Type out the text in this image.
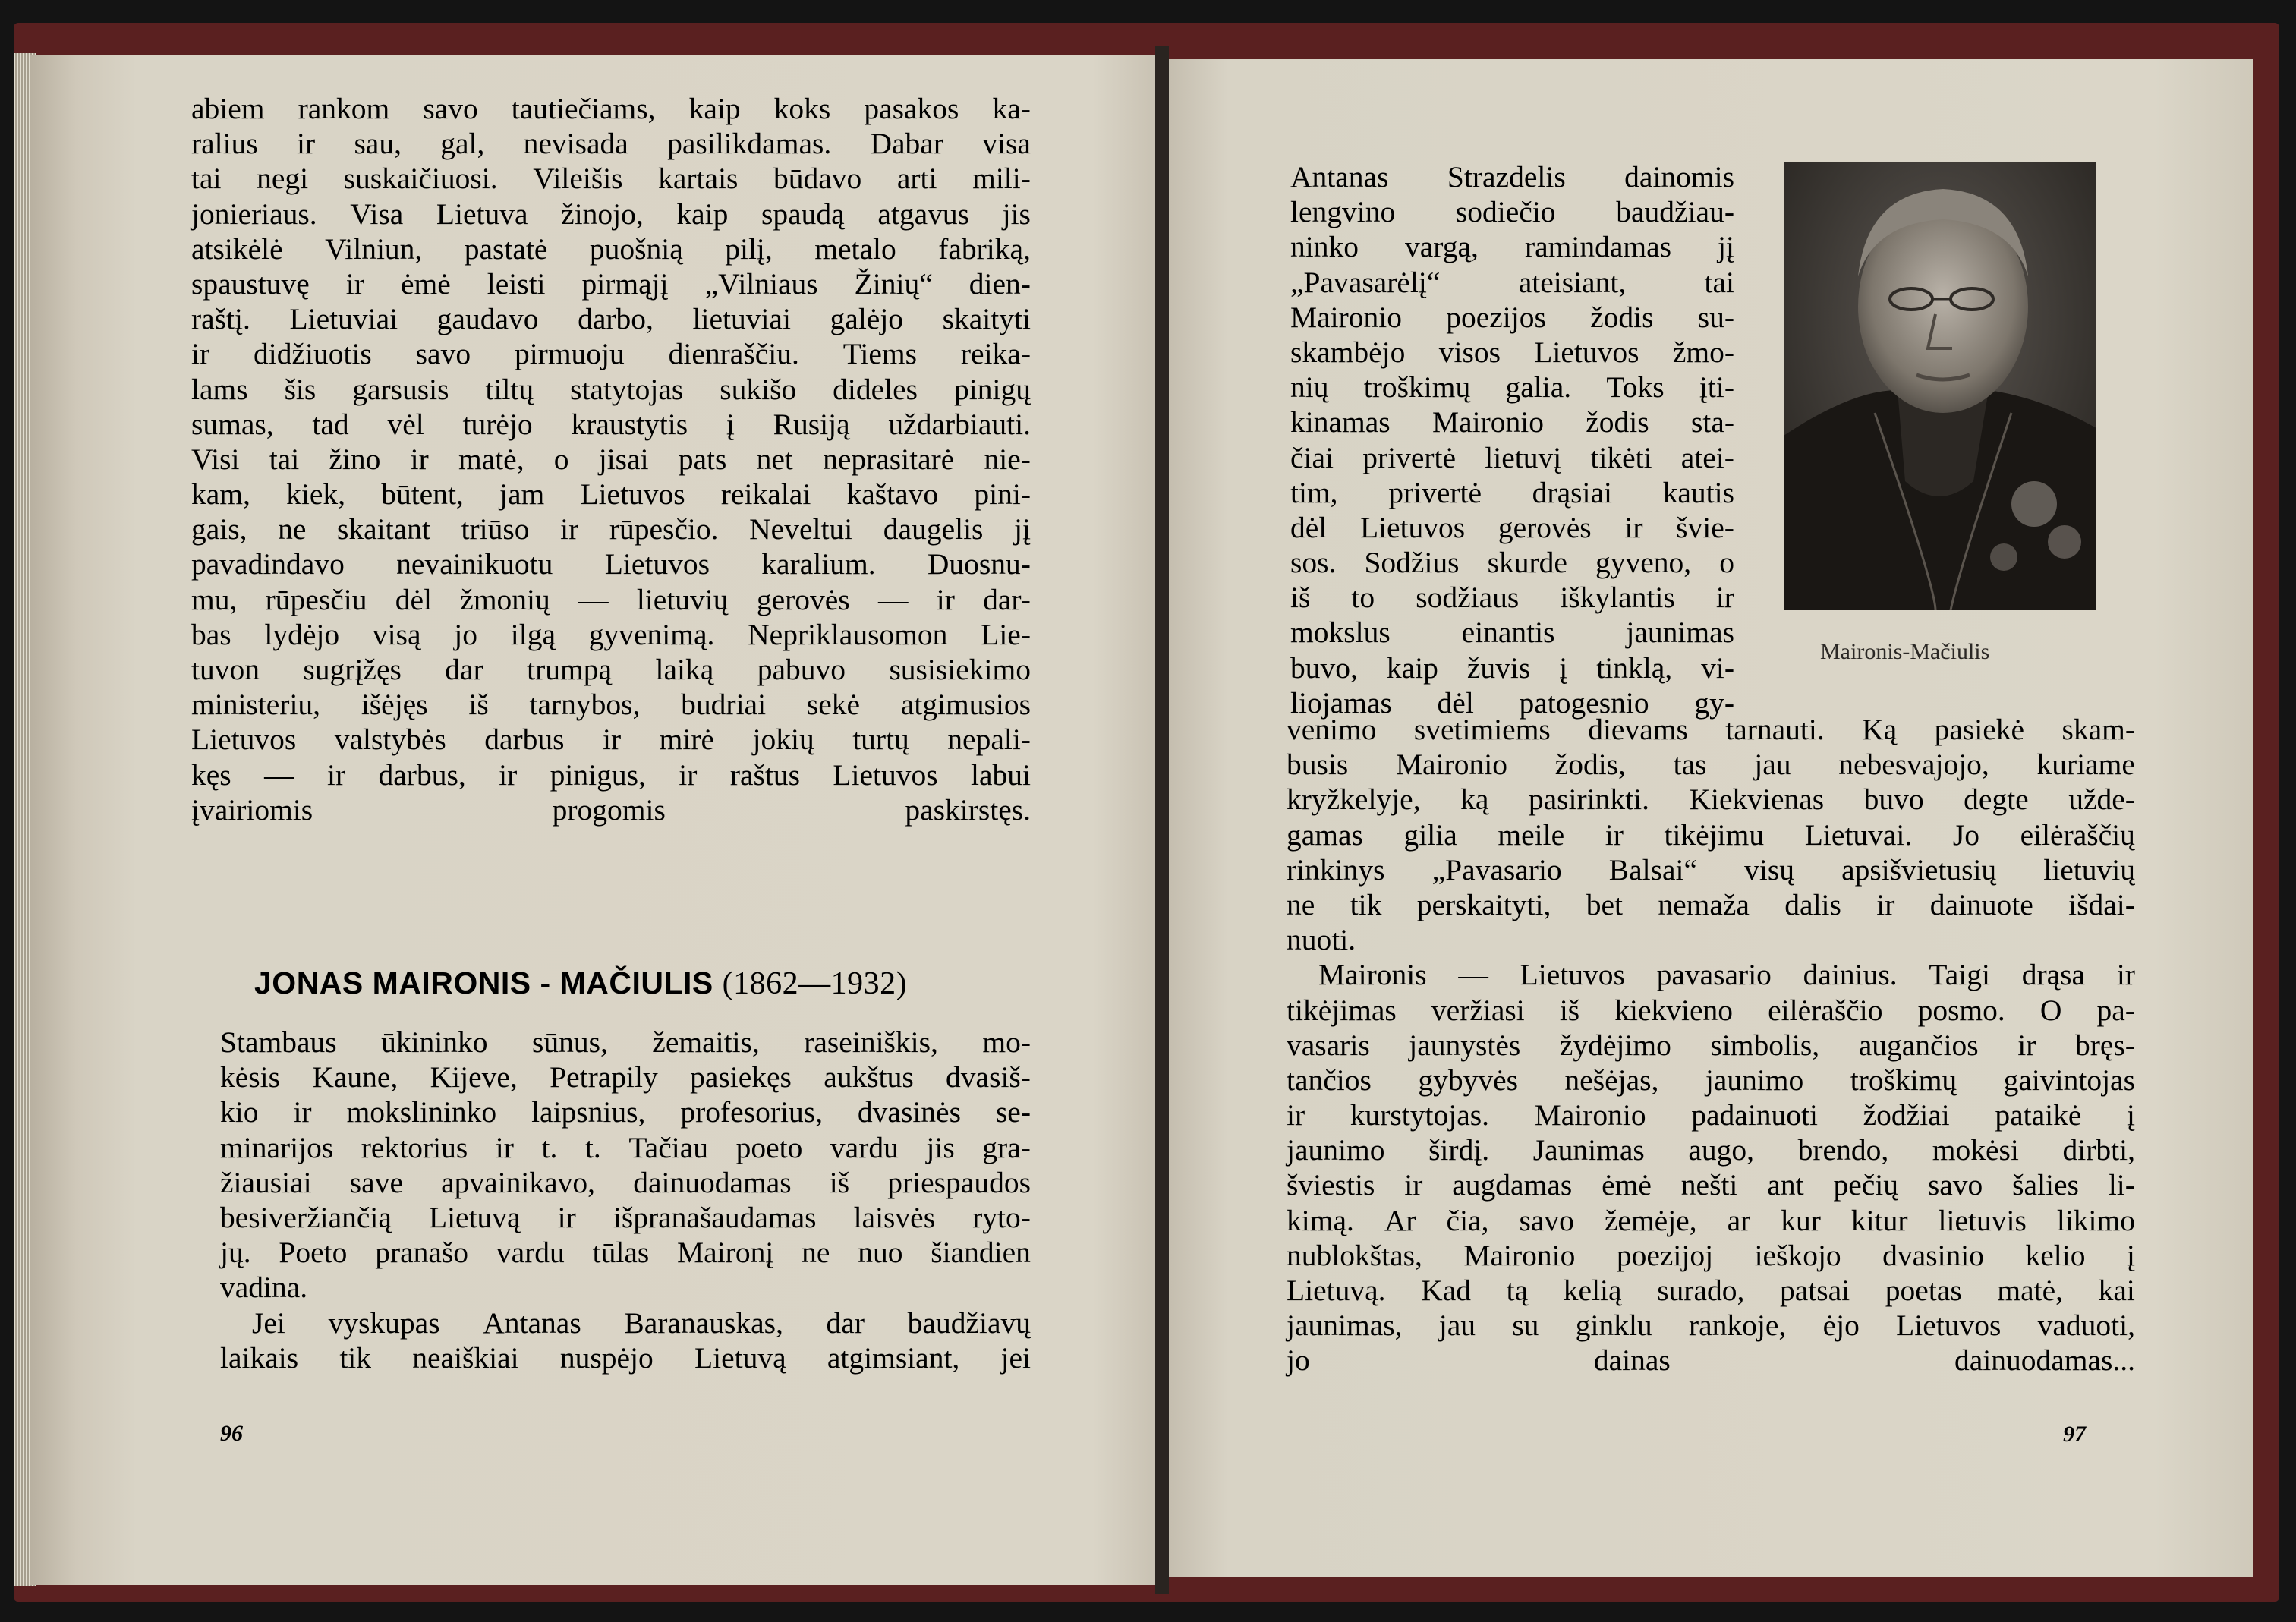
abiem rankom savo tautiečiams, kaip koks pasakos ka-
ralius ir sau, gal, nevisada pasilikdamas. Dabar visa
tai negi suskaičiuosi. Vileišis kartais būdavo arti mili-
jonieriaus. Visa Lietuva žinojo, kaip spaudą atgavus jis
atsikėlė Vilniun, pastatė puošnią pilį, metalo fabriką,
spaustuvę ir ėmė leisti pirmąjį „Vilniaus Žinių“ dien-
raštį. Lietuviai gaudavo darbo, lietuviai galėjo skaityti
ir didžiuotis savo pirmuoju dienraščiu. Tiems reika-
lams šis garsusis tiltų statytojas sukišo dideles pinigų
sumas, tad vėl turėjo kraustytis į Rusiją uždarbiauti.
Visi tai žino ir matė, o jisai pats net neprasitarė nie-
kam, kiek, būtent, jam Lietuvos reikalai kaštavo pini-
gais, ne skaitant triūso ir rūpesčio. Neveltui daugelis jį
pavadindavo nevainikuotu Lietuvos karalium. Duosnu-
mu, rūpesčiu dėl žmonių — lietuvių gerovės — ir dar-
bas lydėjo visą jo ilgą gyvenimą. Nepriklausomon Lie-
tuvon sugrįžęs dar trumpą laiką pabuvo susisiekimo
ministeriu, išėjęs iš tarnybos, budriai sekė atgimusios
Lietuvos valstybės darbus ir mirė jokių turtų nepali-
kęs — ir darbus, ir pinigus, ir raštus Lietuvos labui
įvairiomis progomis paskirstęs.
JONAS MAIRONIS - MAČIULIS (1862—1932)
Stambaus ūkininko sūnus, žemaitis, raseiniškis, mo-
kėsis Kaune, Kijeve, Petrapily pasiekęs aukštus dvasiš-
kio ir mokslininko laipsnius, profesorius, dvasinės se-
minarijos rektorius ir t. t. Tačiau poeto vardu jis gra-
žiausiai save apvainikavo, dainuodamas iš priespaudos
besiveržiančią Lietuvą ir išpranašaudamas laisvės ryto-
jų. Poeto pranašo vardu tūlas Maironį ne nuo šiandien
vadina.
Jei vyskupas Antanas Baranauskas, dar baudžiavų
laikais tik neaiškiai nuspėjo Lietuvą atgimsiant, jei
96
Antanas Strazdelis dainomis
lengvino sodiečio baudžiau-
ninko vargą, ramindamas jį
„Pavasarėlį“	ateisiant,	tai
Maironio poezijos žodis su-
skambėjo visos Lietuvos žmo-
nių troškimų galia. Toks įti-
kinamas Maironio žodis sta-
čiai privertė lietuvį tikėti atei-
tim, privertė drąsiai kautis
dėl Lietuvos gerovės ir švie-
sos. Sodžius skurde gyveno, o
iš to sodžiaus iškylantis ir
mokslus einantis jaunimas
buvo, kaip žuvis į tinklą, vi-
liojamas dėl patogesnio gy-
Maironis-Mačiulis
venimo svetimiems dievams tarnauti. Ką pasiekė skam-
busis Maironio žodis, tas jau nebesvajojo, kuriame
kryžkelyje, ką pasirinkti. Kiekvienas buvo degte užde-
gamas gilia meile ir tikėjimu Lietuvai. Jo eilėraščių
rinkinys „Pavasario Balsai“ visų apsišvietusių lietuvių
ne tik perskaityti, bet nemaža dalis ir dainuote išdai-
nuoti.
Maironis — Lietuvos pavasario dainius. Taigi drąsa ir
tikėjimas veržiasi iš kiekvieno eilėraščio posmo. O pa-
vasaris jaunystės žydėjimo simbolis, augančios ir bręs-
tančios gybyvės nešėjas, jaunimo troškimų gaivintojas
ir kurstytojas. Maironio padainuoti žodžiai pataikė į
jaunimo širdį. Jaunimas augo, brendo, mokėsi dirbti,
šviestis ir augdamas ėmė nešti ant pečių savo šalies li-
kimą. Ar čia, savo žemėje, ar kur kitur lietuvis likimo
nublokštas, Maironio poezijoj ieškojo dvasinio kelio į
Lietuvą. Kad tą kelią surado, patsai poetas matė, kai
jaunimas, jau su ginklu rankoje, ėjo Lietuvos vaduoti,
jo dainas dainuodamas...
97
